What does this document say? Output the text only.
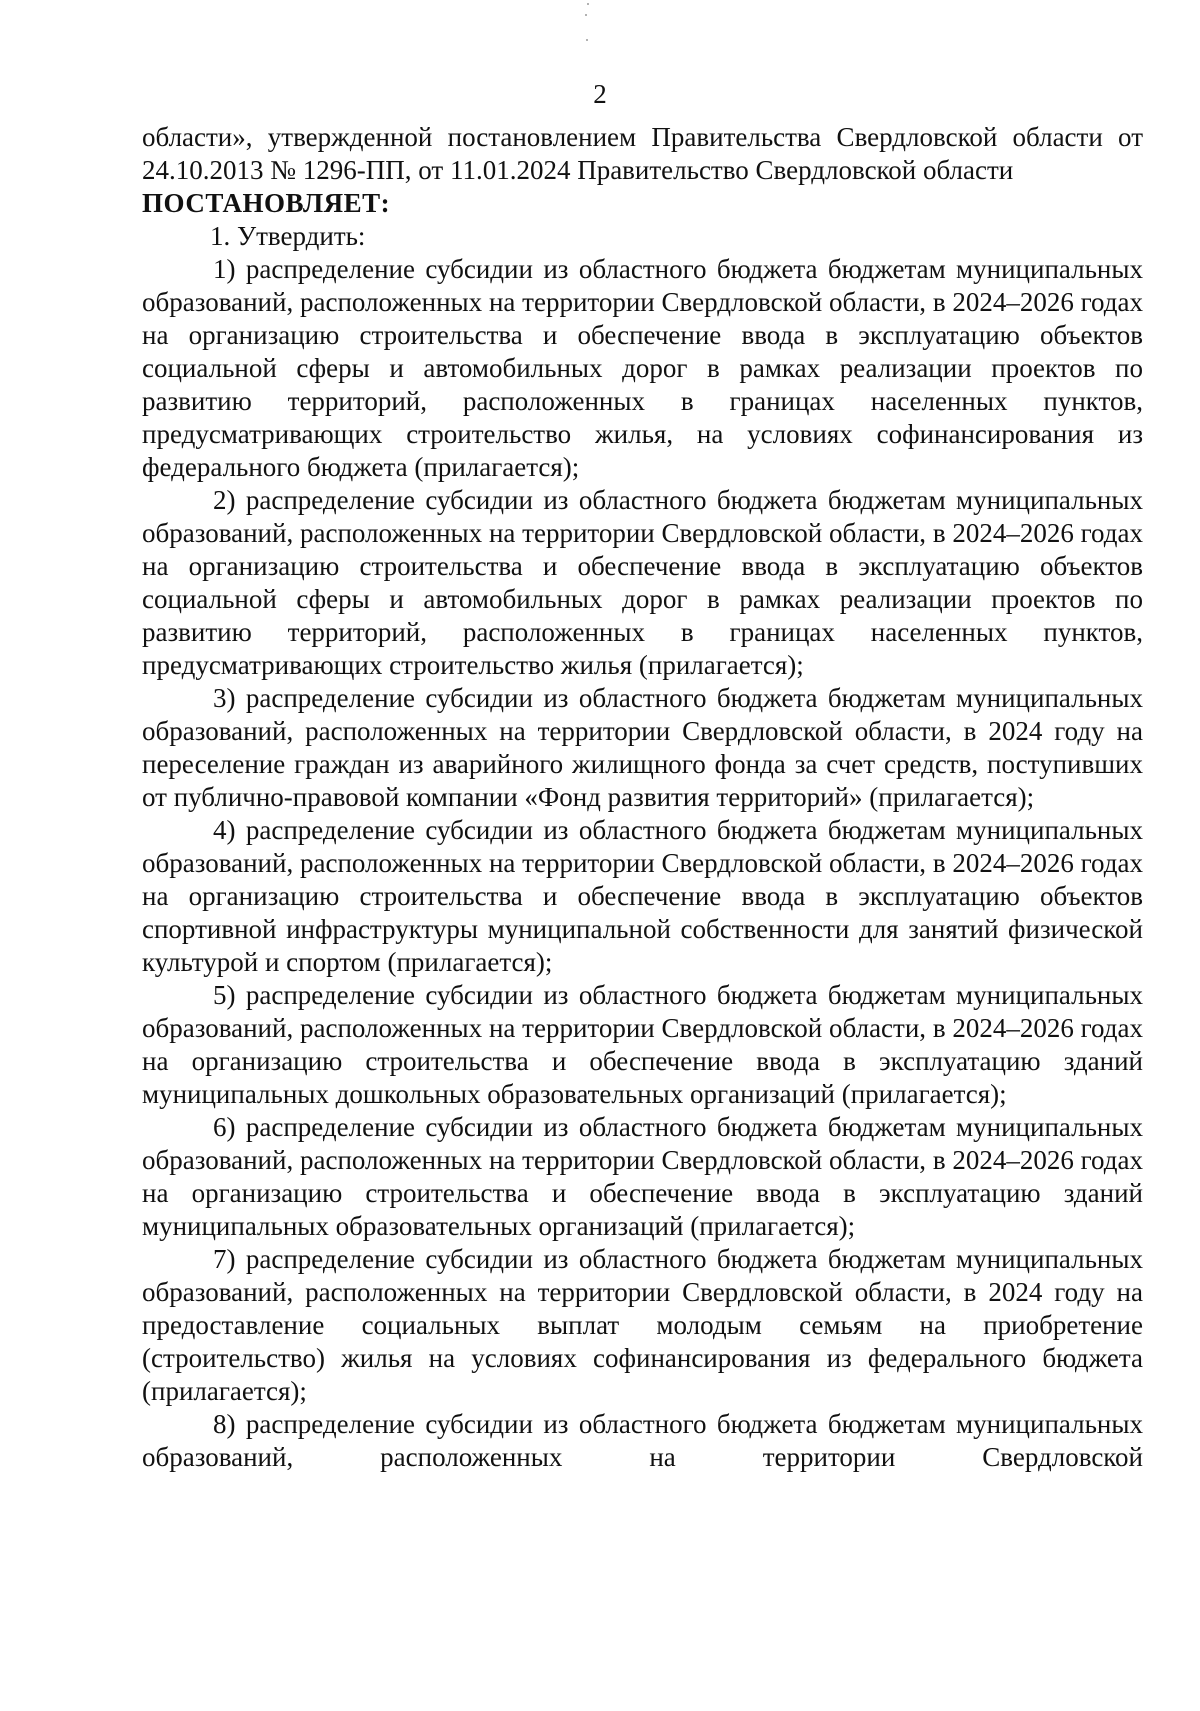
2

области», утвержденной постановлением Правительства Свердловской области от 24.10.2013 № 1296-ПП, от 11.01.2024 Правительство Свердловской области

ПОСТАНОВЛЯЕТ:

1. Утвердить:

1) распределение субсидии из областного бюджета бюджетам муниципальных образований, расположенных на территории Свердловской области, в 2024–2026 годах на организацию строительства и обеспечение ввода в эксплуатацию объектов социальной сферы и автомобильных дорог в рамках реализации проектов по развитию территорий, расположенных в границах населенных пунктов, предусматривающих строительство жилья, на условиях софинансирования из федерального бюджета (прилагается);

2) распределение субсидии из областного бюджета бюджетам муниципальных образований, расположенных на территории Свердловской области, в 2024–2026 годах на организацию строительства и обеспечение ввода в эксплуатацию объектов социальной сферы и автомобильных дорог в рамках реализации проектов по развитию территорий, расположенных в границах населенных пунктов, предусматривающих строительство жилья (прилагается);

3) распределение субсидии из областного бюджета бюджетам муниципальных образований, расположенных на территории Свердловской области, в 2024 году на переселение граждан из аварийного жилищного фонда за счет средств, поступивших от публично-правовой компании «Фонд развития территорий» (прилагается);

4) распределение субсидии из областного бюджета бюджетам муниципальных образований, расположенных на территории Свердловской области, в 2024–2026 годах на организацию строительства и обеспечение ввода в эксплуатацию объектов спортивной инфраструктуры муниципальной собственности для занятий физической культурой и спортом (прилагается);

5) распределение субсидии из областного бюджета бюджетам муниципальных образований, расположенных на территории Свердловской области, в 2024–2026 годах на организацию строительства и обеспечение ввода в эксплуатацию зданий муниципальных дошкольных образовательных организаций (прилагается);

6) распределение субсидии из областного бюджета бюджетам муниципальных образований, расположенных на территории Свердловской области, в 2024–2026 годах на организацию строительства и обеспечение ввода в эксплуатацию зданий муниципальных образовательных организаций (прилагается);

7) распределение субсидии из областного бюджета бюджетам муниципальных образований, расположенных на территории Свердловской области, в 2024 году на предоставление социальных выплат молодым семьям на приобретение (строительство) жилья на условиях софинансирования из федерального бюджета (прилагается);

8) распределение субсидии из областного бюджета бюджетам муниципальных образований, расположенных на территории Свердловской
